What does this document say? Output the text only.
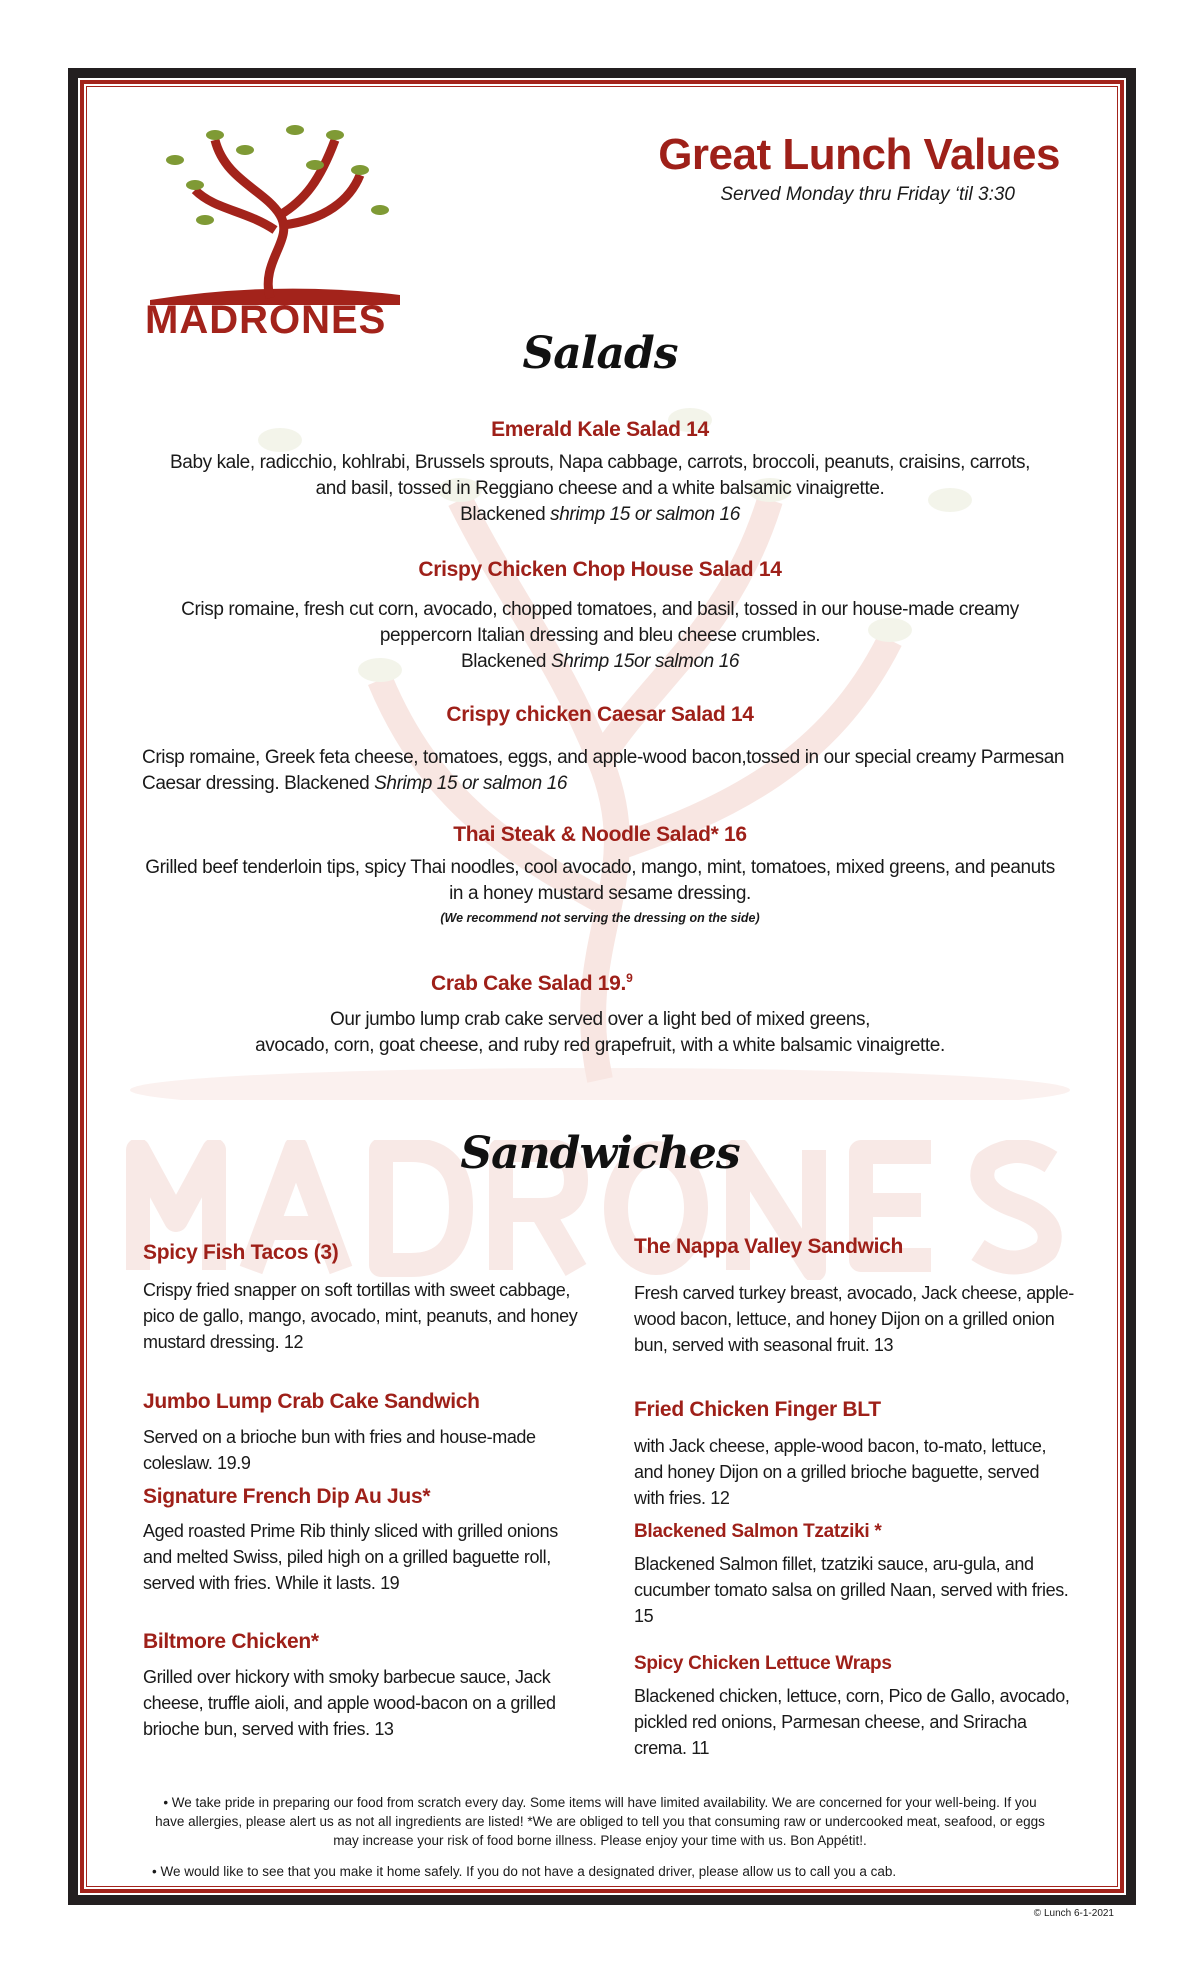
MADRONES
Great Lunch Values
Served Monday thru Friday ‘til 3:30
Salads
Emerald Kale Salad 14
Baby kale, radicchio, kohlrabi, Brussels sprouts, Napa cabbage, carrots, broccoli, peanuts, craisins, carrots, and basil, tossed in Reggiano cheese and a white balsamic vinaigrette.
Blackened shrimp 15 or salmon 16
Crispy Chicken Chop House Salad 14
Crisp romaine, fresh cut corn, avocado, chopped tomatoes, and basil, tossed in our house-made creamy peppercorn Italian dressing and bleu cheese crumbles.
Blackened Shrimp 15or salmon 16
Crispy chicken Caesar Salad 14
Crisp romaine, Greek feta cheese, tomatoes, eggs, and apple-wood bacon,tossed in our special creamy Parmesan Caesar dressing. Blackened Shrimp 15 or salmon 16
Thai Steak & Noodle Salad* 16
Grilled beef tenderloin tips, spicy Thai noodles, cool avocado, mango, mint, tomatoes, mixed greens, and peanuts in a honey mustard sesame dressing.
(We recommend not serving the dressing on the side)
Crab Cake Salad 19.$^9$
Our jumbo lump crab cake served over a light bed of mixed greens,
avocado, corn, goat cheese, and ruby red grapefruit, with a white balsamic vinaigrette.
Sandwiches
Spicy Fish Tacos (3)
Crispy fried snapper on soft tortillas with sweet cabbage, pico de gallo, mango, avocado, mint, peanuts, and honey mustard dressing. 12
Jumbo Lump Crab Cake Sandwich
Served on a brioche bun with fries and house-made coleslaw. 19.9
Signature French Dip Au Jus*
Aged roasted Prime Rib thinly sliced with grilled onions and melted Swiss, piled high on a grilled baguette roll, served with fries. While it lasts. 19
Biltmore Chicken*
Grilled over hickory with smoky barbecue sauce, Jack cheese, truffle aioli, and apple wood-bacon on a grilled brioche bun, served with fries. 13
The Nappa Valley Sandwich
Fresh carved turkey breast, avocado, Jack cheese, apple-wood bacon, lettuce, and honey Dijon on a grilled onion bun, served with seasonal fruit. 13
Fried Chicken Finger BLT
with Jack cheese, apple-wood bacon, to-mato, lettuce, and honey Dijon on a grilled brioche baguette, served with fries. 12
Blackened Salmon Tzatziki *
Blackened Salmon fillet, tzatziki sauce, aru-gula, and cucumber tomato salsa on grilled Naan, served with fries. 15
Spicy Chicken Lettuce Wraps
Blackened chicken, lettuce, corn, Pico de Gallo, avocado, pickled red onions, Parmesan cheese, and Sriracha crema. 11
• We take pride in preparing our food from scratch every day. Some items will have limited availability. We are concerned for your well-being. If you have allergies, please alert us as not all ingredients are listed! *We are obliged to tell you that consuming raw or undercooked meat, seafood, or eggs may increase your risk of food borne illness. Please enjoy your time with us. Bon Appétit!.
• We would like to see that you make it home safely. If you do not have a designated driver, please allow us to call you a cab.
© Lunch 6-1-2021
